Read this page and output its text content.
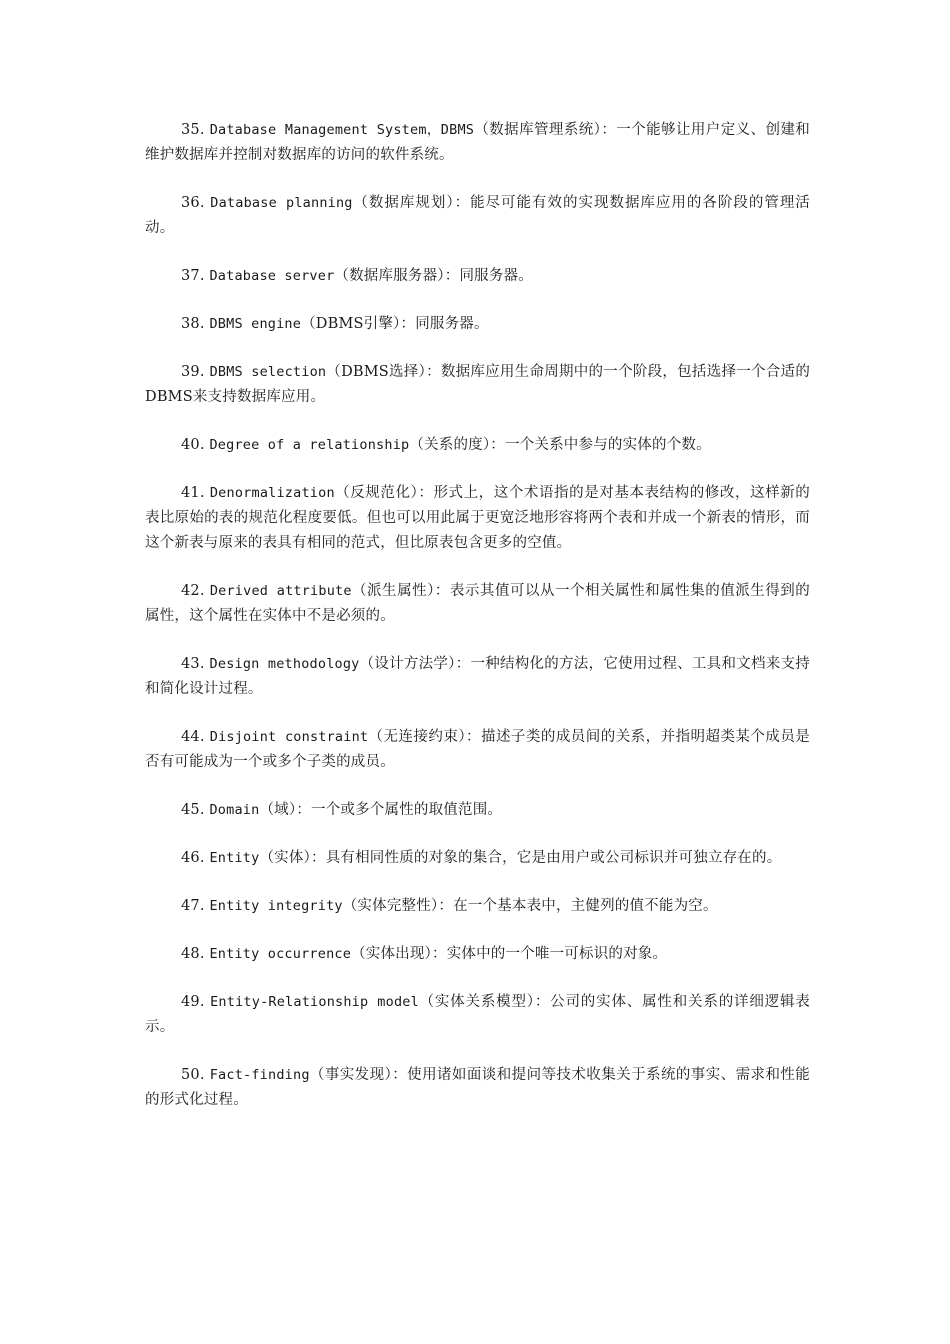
35. Database Management System，DBMS（数据库管理系统）：一个能够让用户定义、创建和维护数据库并控制对数据库的访问的软件系统。

36. Database planning（数据库规划）：能尽可能有效的实现数据库应用的各阶段的管理活动。

37. Database server（数据库服务器）：同服务器。

38. DBMS engine（DBMS引擎）：同服务器。

39. DBMS selection（DBMS选择）：数据库应用生命周期中的一个阶段，包括选择一个合适的DBMS来支持数据库应用。

40. Degree of a relationship（关系的度）：一个关系中参与的实体的个数。

41. Denormalization（反规范化）：形式上，这个术语指的是对基本表结构的修改，这样新的表比原始的表的规范化程度要低。但也可以用此属于更宽泛地形容将两个表和并成一个新表的情形，而这个新表与原来的表具有相同的范式，但比原表包含更多的空值。

42. Derived attribute（派生属性）：表示其值可以从一个相关属性和属性集的值派生得到的属性，这个属性在实体中不是必须的。

43. Design methodology（设计方法学）：一种结构化的方法，它使用过程、工具和文档来支持和简化设计过程。

44. Disjoint constraint（无连接约束）：描述子类的成员间的关系，并指明超类某个成员是否有可能成为一个或多个子类的成员。

45. Domain（域）：一个或多个属性的取值范围。

46. Entity（实体）：具有相同性质的对象的集合，它是由用户或公司标识并可独立存在的。

47. Entity integrity（实体完整性）：在一个基本表中，主健列的值不能为空。

48. Entity occurrence（实体出现）：实体中的一个唯一可标识的对象。

49. Entity-Relationship model（实体关系模型）：公司的实体、属性和关系的详细逻辑表示。

50. Fact-finding（事实发现）：使用诸如面谈和提问等技术收集关于系统的事实、需求和性能的形式化过程。
